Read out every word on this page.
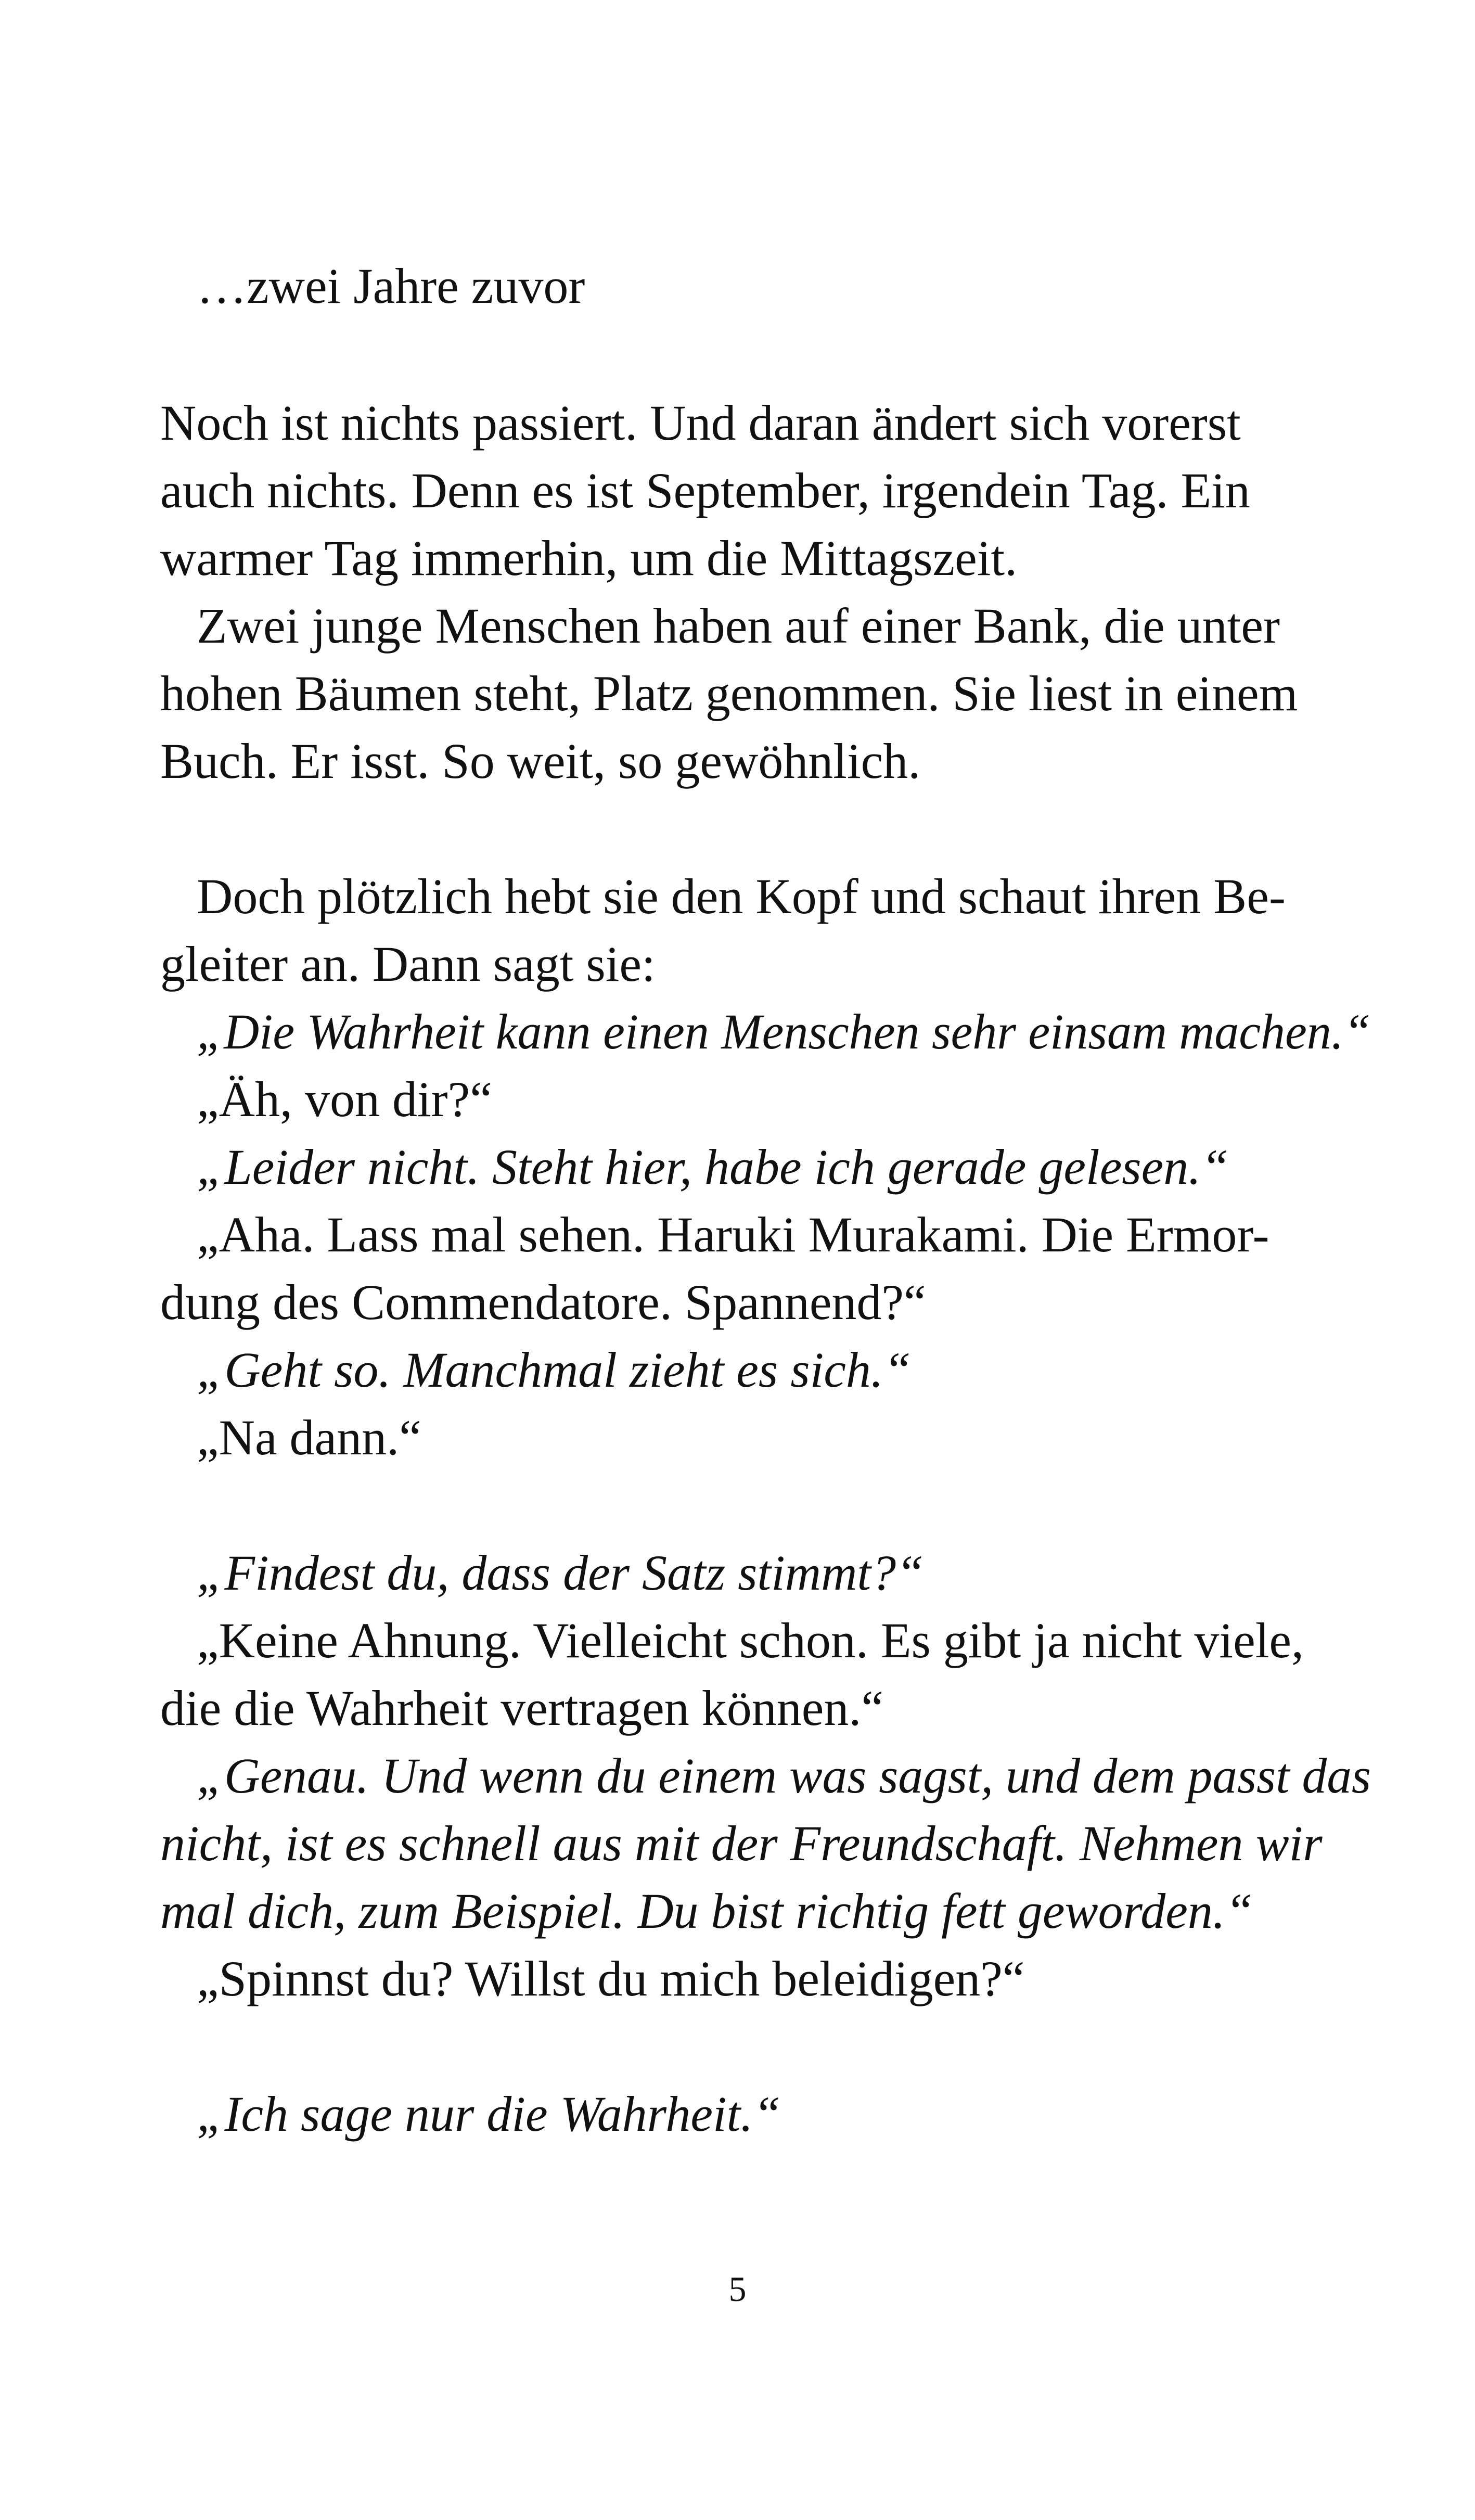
…zwei Jahre zuvor
Noch ist nichts passiert. Und daran ändert sich vorerst
auch nichts. Denn es ist September, irgendein Tag. Ein
warmer Tag immerhin, um die Mittagszeit.
Zwei junge Menschen haben auf einer Bank, die unter
hohen Bäumen steht, Platz genommen. Sie liest in einem
Buch. Er isst. So weit, so gewöhnlich.
Doch plötzlich hebt sie den Kopf und schaut ihren Be-
gleiter an. Dann sagt sie:
„Die Wahrheit kann einen Menschen sehr einsam machen.“
„Äh, von dir?“
„Leider nicht. Steht hier, habe ich gerade gelesen.“
„Aha. Lass mal sehen. Haruki Murakami. Die Ermor-
dung des Commendatore. Spannend?“
„Geht so. Manchmal zieht es sich.“
„Na dann.“
„Findest du, dass der Satz stimmt?“
„Keine Ahnung. Vielleicht schon. Es gibt ja nicht viele,
die die Wahrheit vertragen können.“
„Genau. Und wenn du einem was sagst, und dem passt das
nicht, ist es schnell aus mit der Freundschaft. Nehmen wir
mal dich, zum Beispiel. Du bist richtig fett geworden.“
„Spinnst du? Willst du mich beleidigen?“
„Ich sage nur die Wahrheit.“
5
